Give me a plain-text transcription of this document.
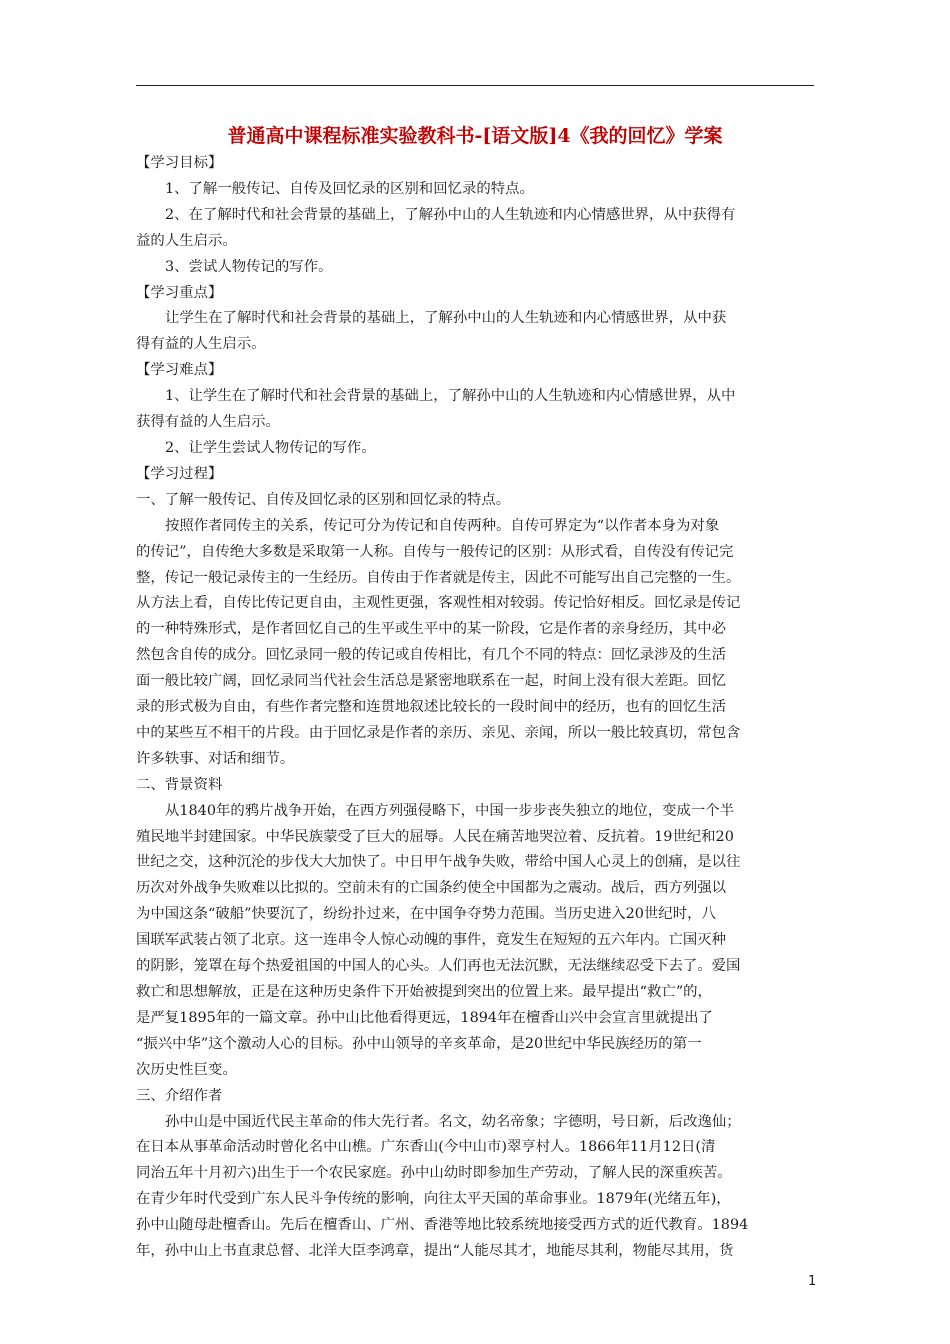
普通高中课程标准实验教科书-[语文版]4《我的回忆》学案
【学习目标】
1、了解一般传记、自传及回忆录的区别和回忆录的特点。
2、在了解时代和社会背景的基础上，了解孙中山的人生轨迹和内心情感世界，从中获得有
益的人生启示。
3、尝试人物传记的写作。
【学习重点】
让学生在了解时代和社会背景的基础上，了解孙中山的人生轨迹和内心情感世界，从中获
得有益的人生启示。
【学习难点】
1、让学生在了解时代和社会背景的基础上，了解孙中山的人生轨迹和内心情感世界，从中
获得有益的人生启示。
2、让学生尝试人物传记的写作。
【学习过程】
一、了解一般传记、自传及回忆录的区别和回忆录的特点。
按照作者同传主的关系，传记可分为传记和自传两种。自传可界定为“以作者本身为对象
的传记”，自传绝大多数是采取第一人称。自传与一般传记的区别：从形式看，自传没有传记完
整，传记一般记录传主的一生经历。自传由于作者就是传主，因此不可能写出自己完整的一生。
从方法上看，自传比传记更自由，主观性更强，客观性相对较弱。传记恰好相反。回忆录是传记
的一种特殊形式，是作者回忆自己的生平或生平中的某一阶段，它是作者的亲身经历，其中必
然包含自传的成分。回忆录同一般的传记或自传相比，有几个不同的特点：回忆录涉及的生活
面一般比较广阔，回忆录同当代社会生活总是紧密地联系在一起，时间上没有很大差距。回忆
录的形式极为自由，有些作者完整和连贯地叙述比较长的一段时间中的经历，也有的回忆生活
中的某些互不相干的片段。由于回忆录是作者的亲历、亲见、亲闻，所以一般比较真切，常包含
许多轶事、对话和细节。
二、背景资料
从1840年的鸦片战争开始，在西方列强侵略下，中国一步步丧失独立的地位，变成一个半
殖民地半封建国家。中华民族蒙受了巨大的屈辱。人民在痛苦地哭泣着、反抗着。19世纪和20
世纪之交，这种沉沦的步伐大大加快了。中日甲午战争失败，带给中国人心灵上的创痛，是以往
历次对外战争失败难以比拟的。空前未有的亡国条约使全中国都为之震动。战后，西方列强以
为中国这条“破船”快要沉了，纷纷扑过来，在中国争夺势力范围。当历史进入20世纪时，八
国联军武装占领了北京。这一连串令人惊心动魄的事件，竟发生在短短的五六年内。亡国灭种
的阴影，笼罩在每个热爱祖国的中国人的心头。人们再也无法沉默，无法继续忍受下去了。爱国
救亡和思想解放，正是在这种历史条件下开始被提到突出的位置上来。最早提出“救亡”的，
是严复1895年的一篇文章。孙中山比他看得更远，1894年在檀香山兴中会宣言里就提出了
“振兴中华”这个激动人心的目标。孙中山领导的辛亥革命，是20世纪中华民族经历的第一
次历史性巨变。
三、介绍作者
孙中山是中国近代民主革命的伟大先行者。名文，幼名帝象；字德明，号日新，后改逸仙；
在日本从事革命活动时曾化名中山樵。广东香山(今中山市)翠亨村人。1866年11月12日(清
同治五年十月初六)出生于一个农民家庭。孙中山幼时即参加生产劳动，了解人民的深重疾苦。
在青少年时代受到广东人民斗争传统的影响，向往太平天国的革命事业。1879年(光绪五年)，
孙中山随母赴檀香山。先后在檀香山、广州、香港等地比较系统地接受西方式的近代教育。1894
年，孙中山上书直隶总督、北洋大臣李鸿章，提出“人能尽其才，地能尽其利，物能尽其用，货
1
